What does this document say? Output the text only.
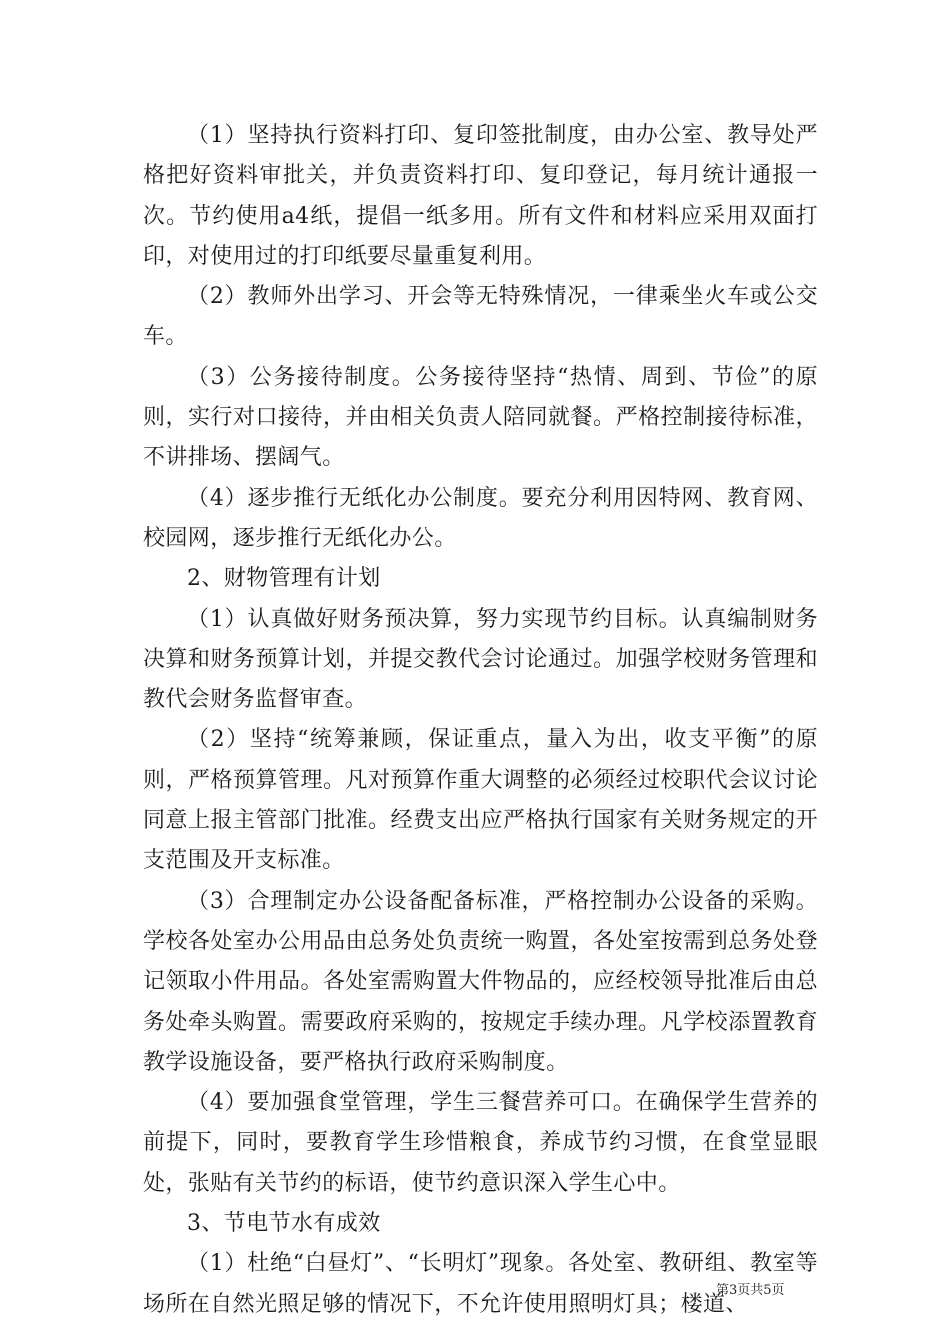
（1）坚持执行资料打印、复印签批制度，由办公室、教导处严格把好资料审批关，并负责资料打印、复印登记，每月统计通报一次。节约使用a4纸，提倡一纸多用。所有文件和材料应采用双面打印，对使用过的打印纸要尽量重复利用。

（2）教师外出学习、开会等无特殊情况，一律乘坐火车或公交车。

（3）公务接待制度。公务接待坚持“热情、周到、节俭”的原则，实行对口接待，并由相关负责人陪同就餐。严格控制接待标准，不讲排场、摆阔气。

（4）逐步推行无纸化办公制度。要充分利用因特网、教育网、校园网，逐步推行无纸化办公。

2、财物管理有计划

（1）认真做好财务预决算，努力实现节约目标。认真编制财务决算和财务预算计划，并提交教代会讨论通过。加强学校财务管理和教代会财务监督审查。

（2）坚持“统筹兼顾，保证重点，量入为出，收支平衡”的原则，严格预算管理。凡对预算作重大调整的必须经过校职代会议讨论同意上报主管部门批准。经费支出应严格执行国家有关财务规定的开支范围及开支标准。

（3）合理制定办公设备配备标准，严格控制办公设备的采购。学校各处室办公用品由总务处负责统一购置，各处室按需到总务处登记领取小件用品。各处室需购置大件物品的，应经校领导批准后由总务处牵头购置。需要政府采购的，按规定手续办理。凡学校添置教育教学设施设备，要严格执行政府采购制度。

（4）要加强食堂管理，学生三餐营养可口。在确保学生营养的前提下，同时，要教育学生珍惜粮食，养成节约习惯，在食堂显眼处，张贴有关节约的标语，使节约意识深入学生心中。

3、节电节水有成效

（1）杜绝“白昼灯”、“长明灯”现象。各处室、教研组、教室等场所在自然光照足够的情况下，不允许使用照明灯具；楼道、

第3页共5页
